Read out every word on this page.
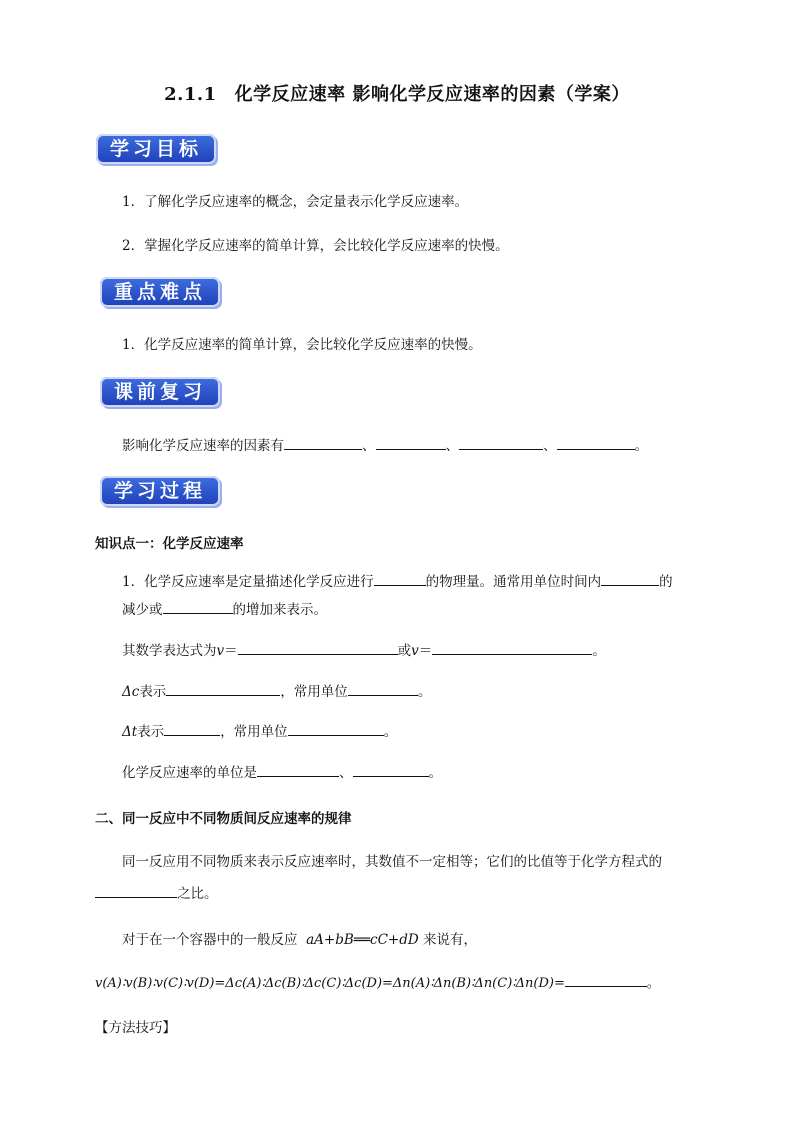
2.1.1 化学反应速率 影响化学反应速率的因素（学案）
学习目标
1．了解化学反应速率的概念，会定量表示化学反应速率。
2．掌握化学反应速率的简单计算，会比较化学反应速率的快慢。
重点难点
1．化学反应速率的简单计算，会比较化学反应速率的快慢。
课前复习
影响化学反应速率的因素有	、	、	、	。
学习过程
知识点一：化学反应速率
1．化学反应速率是定量描述化学反应进行	的物理量。通常用单位时间内	的
减少或	的增加来表示。
其数学表达式为v＝	或v＝	。
Δc表示	，常用单位	。
Δt表示	，常用单位	。
化学反应速率的单位是	、	。
二、同一反应中不同物质间反应速率的规律
同一反应用不同物质来表示反应速率时，其数值不一定相等；它们的比值等于化学方程式的
之比。
对于在一个容器中的一般反应 aA+bB══cC+dD 来说有，
v(A)∶v(B)∶v(C)∶v(D)=Δc(A)∶Δc(B)∶Δc(C)∶Δc(D)=Δn(A)∶Δn(B)∶Δn(C)∶Δn(D)=	。
【方法技巧】
